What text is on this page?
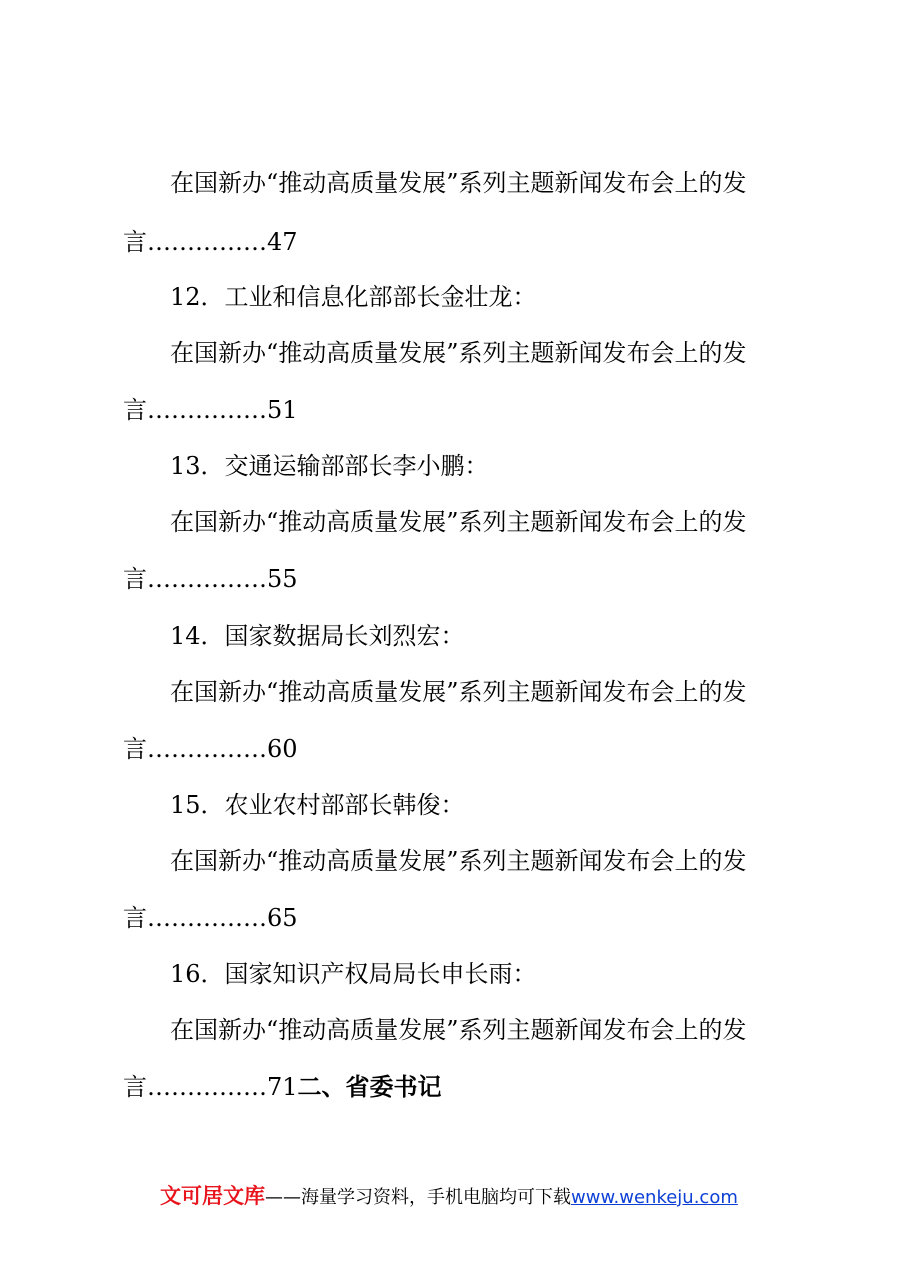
在国新办“推动高质量发展”系列主题新闻发布会上的发
言……………47
12．工业和信息化部部长金壮龙：
在国新办“推动高质量发展”系列主题新闻发布会上的发
言……………51
13．交通运输部部长李小鹏：
在国新办“推动高质量发展”系列主题新闻发布会上的发
言……………55
14．国家数据局长刘烈宏：
在国新办“推动高质量发展”系列主题新闻发布会上的发
言……………60
15．农业农村部部长韩俊：
在国新办“推动高质量发展”系列主题新闻发布会上的发
言……………65
16．国家知识产权局局长申长雨：
在国新办“推动高质量发展”系列主题新闻发布会上的发
言……………71二、省委书记
文可居文库——海量学习资料，手机电脑均可下载www.wenkeju.com
